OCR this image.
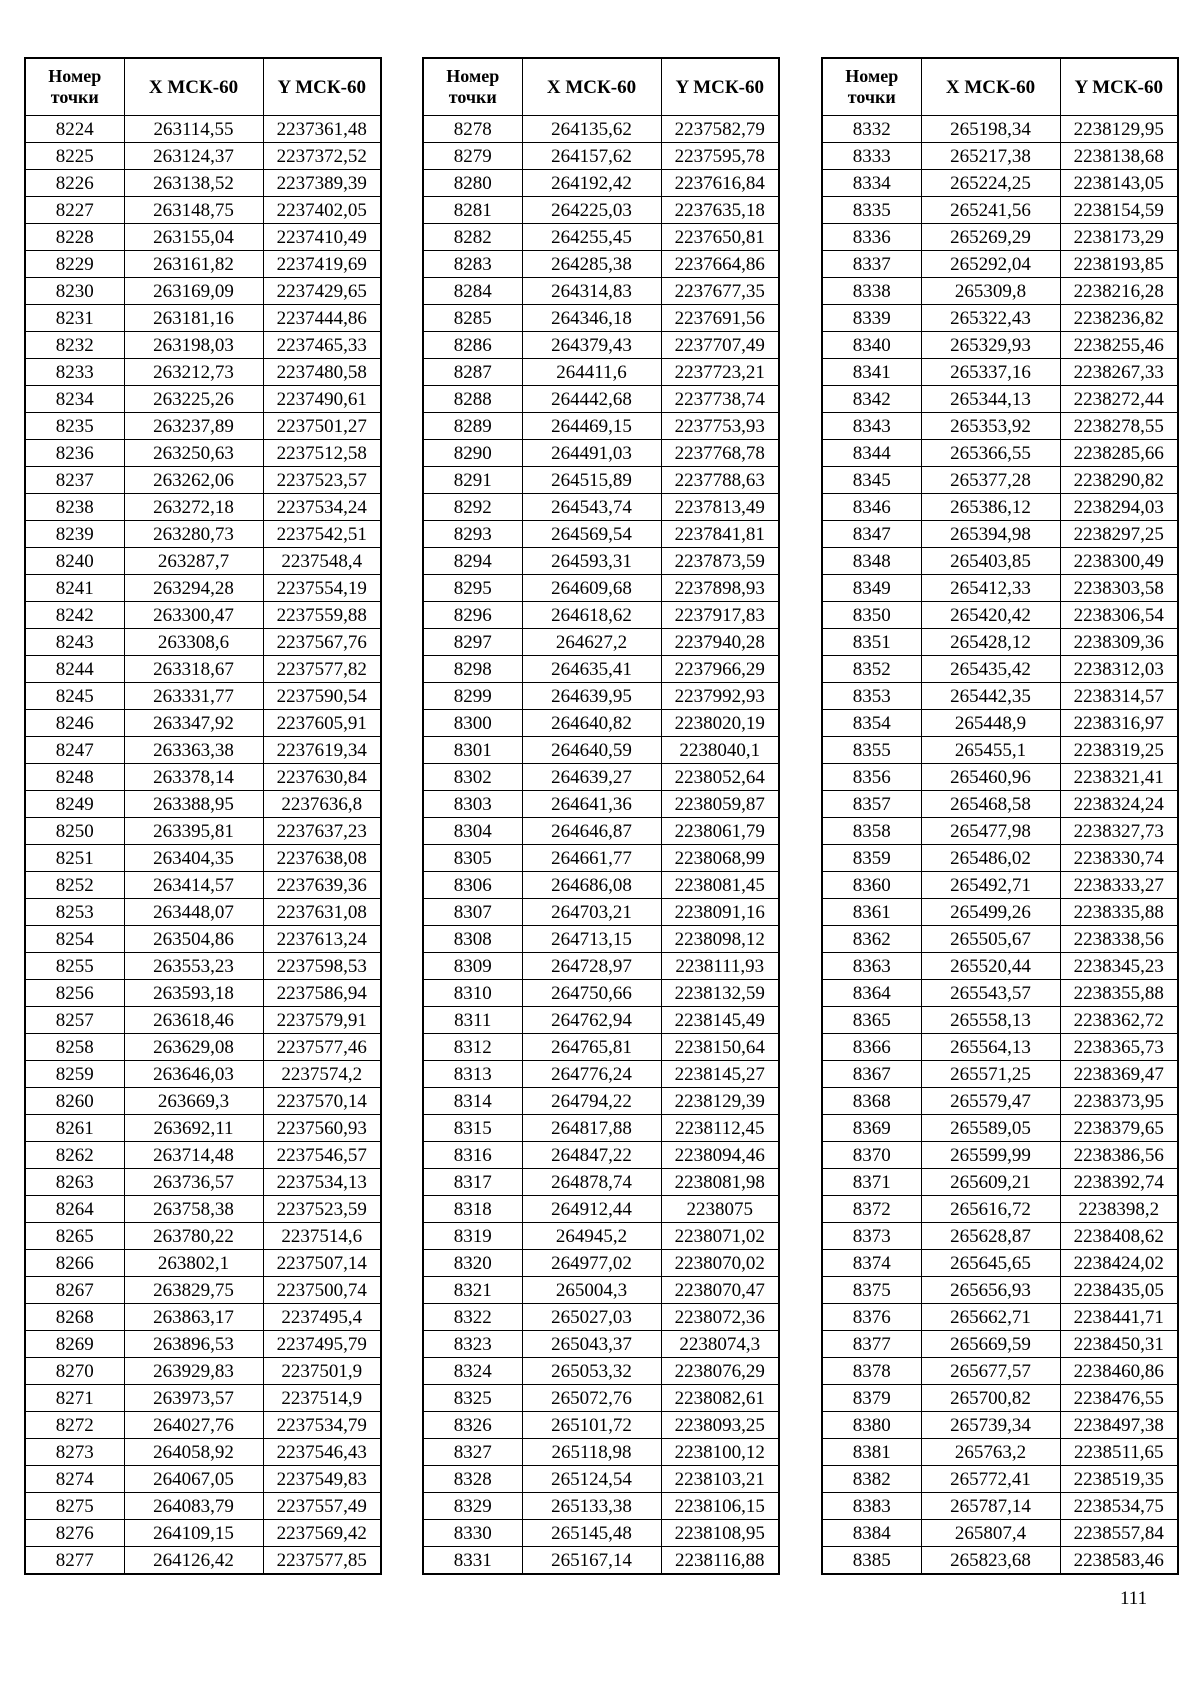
Номер
точки	X МСК-60	Y МСК-60
8224	263114,55	2237361,48
8225	263124,37	2237372,52
8226	263138,52	2237389,39
8227	263148,75	2237402,05
8228	263155,04	2237410,49
8229	263161,82	2237419,69
8230	263169,09	2237429,65
8231	263181,16	2237444,86
8232	263198,03	2237465,33
8233	263212,73	2237480,58
8234	263225,26	2237490,61
8235	263237,89	2237501,27
8236	263250,63	2237512,58
8237	263262,06	2237523,57
8238	263272,18	2237534,24
8239	263280,73	2237542,51
8240	263287,7	2237548,4
8241	263294,28	2237554,19
8242	263300,47	2237559,88
8243	263308,6	2237567,76
8244	263318,67	2237577,82
8245	263331,77	2237590,54
8246	263347,92	2237605,91
8247	263363,38	2237619,34
8248	263378,14	2237630,84
8249	263388,95	2237636,8
8250	263395,81	2237637,23
8251	263404,35	2237638,08
8252	263414,57	2237639,36
8253	263448,07	2237631,08
8254	263504,86	2237613,24
8255	263553,23	2237598,53
8256	263593,18	2237586,94
8257	263618,46	2237579,91
8258	263629,08	2237577,46
8259	263646,03	2237574,2
8260	263669,3	2237570,14
8261	263692,11	2237560,93
8262	263714,48	2237546,57
8263	263736,57	2237534,13
8264	263758,38	2237523,59
8265	263780,22	2237514,6
8266	263802,1	2237507,14
8267	263829,75	2237500,74
8268	263863,17	2237495,4
8269	263896,53	2237495,79
8270	263929,83	2237501,9
8271	263973,57	2237514,9
8272	264027,76	2237534,79
8273	264058,92	2237546,43
8274	264067,05	2237549,83
8275	264083,79	2237557,49
8276	264109,15	2237569,42
8277	264126,42	2237577,85
Номер
точки	X МСК-60	Y МСК-60
8278	264135,62	2237582,79
8279	264157,62	2237595,78
8280	264192,42	2237616,84
8281	264225,03	2237635,18
8282	264255,45	2237650,81
8283	264285,38	2237664,86
8284	264314,83	2237677,35
8285	264346,18	2237691,56
8286	264379,43	2237707,49
8287	264411,6	2237723,21
8288	264442,68	2237738,74
8289	264469,15	2237753,93
8290	264491,03	2237768,78
8291	264515,89	2237788,63
8292	264543,74	2237813,49
8293	264569,54	2237841,81
8294	264593,31	2237873,59
8295	264609,68	2237898,93
8296	264618,62	2237917,83
8297	264627,2	2237940,28
8298	264635,41	2237966,29
8299	264639,95	2237992,93
8300	264640,82	2238020,19
8301	264640,59	2238040,1
8302	264639,27	2238052,64
8303	264641,36	2238059,87
8304	264646,87	2238061,79
8305	264661,77	2238068,99
8306	264686,08	2238081,45
8307	264703,21	2238091,16
8308	264713,15	2238098,12
8309	264728,97	2238111,93
8310	264750,66	2238132,59
8311	264762,94	2238145,49
8312	264765,81	2238150,64
8313	264776,24	2238145,27
8314	264794,22	2238129,39
8315	264817,88	2238112,45
8316	264847,22	2238094,46
8317	264878,74	2238081,98
8318	264912,44	2238075
8319	264945,2	2238071,02
8320	264977,02	2238070,02
8321	265004,3	2238070,47
8322	265027,03	2238072,36
8323	265043,37	2238074,3
8324	265053,32	2238076,29
8325	265072,76	2238082,61
8326	265101,72	2238093,25
8327	265118,98	2238100,12
8328	265124,54	2238103,21
8329	265133,38	2238106,15
8330	265145,48	2238108,95
8331	265167,14	2238116,88
Номер
точки	X МСК-60	Y МСК-60
8332	265198,34	2238129,95
8333	265217,38	2238138,68
8334	265224,25	2238143,05
8335	265241,56	2238154,59
8336	265269,29	2238173,29
8337	265292,04	2238193,85
8338	265309,8	2238216,28
8339	265322,43	2238236,82
8340	265329,93	2238255,46
8341	265337,16	2238267,33
8342	265344,13	2238272,44
8343	265353,92	2238278,55
8344	265366,55	2238285,66
8345	265377,28	2238290,82
8346	265386,12	2238294,03
8347	265394,98	2238297,25
8348	265403,85	2238300,49
8349	265412,33	2238303,58
8350	265420,42	2238306,54
8351	265428,12	2238309,36
8352	265435,42	2238312,03
8353	265442,35	2238314,57
8354	265448,9	2238316,97
8355	265455,1	2238319,25
8356	265460,96	2238321,41
8357	265468,58	2238324,24
8358	265477,98	2238327,73
8359	265486,02	2238330,74
8360	265492,71	2238333,27
8361	265499,26	2238335,88
8362	265505,67	2238338,56
8363	265520,44	2238345,23
8364	265543,57	2238355,88
8365	265558,13	2238362,72
8366	265564,13	2238365,73
8367	265571,25	2238369,47
8368	265579,47	2238373,95
8369	265589,05	2238379,65
8370	265599,99	2238386,56
8371	265609,21	2238392,74
8372	265616,72	2238398,2
8373	265628,87	2238408,62
8374	265645,65	2238424,02
8375	265656,93	2238435,05
8376	265662,71	2238441,71
8377	265669,59	2238450,31
8378	265677,57	2238460,86
8379	265700,82	2238476,55
8380	265739,34	2238497,38
8381	265763,2	2238511,65
8382	265772,41	2238519,35
8383	265787,14	2238534,75
8384	265807,4	2238557,84
8385	265823,68	2238583,46
111
